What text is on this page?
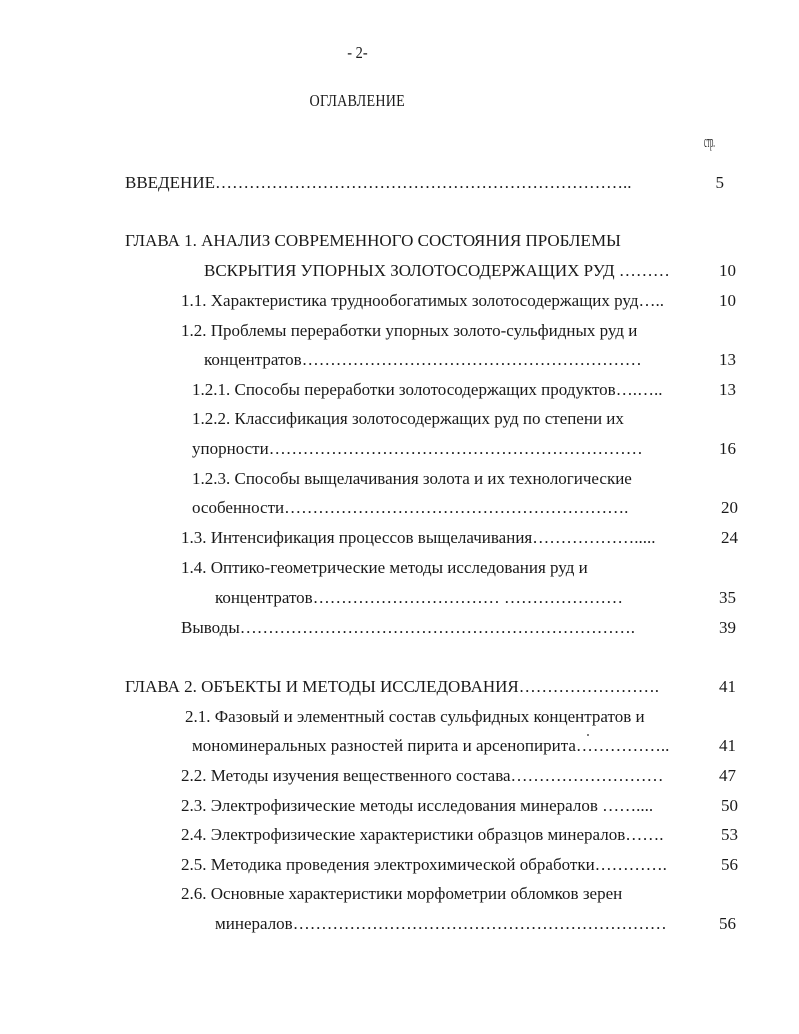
- 2-
ОГЛАВЛЕНИЕ
стр.
ВВЕДЕНИЕ………………………………………………………………..	5
ГЛАВА 1. АНАЛИЗ СОВРЕМЕННОГО СОСТОЯНИЯ ПРОБЛЕМЫ
ВСКРЫТИЯ УПОРНЫХ ЗОЛОТОСОДЕРЖАЩИХ РУД ………	10
1.1. Характеристика труднообогатимых золотосодержащих руд…..	10
1.2. Проблемы переработки упорных золото-сульфидных руд и
концентратов……………………………………………………	13
1.2.1. Способы переработки золотосодержащих продуктов….…..	13
1.2.2. Классификация золотосодержащих руд по степени их
упорности…………………………………………………………	16
1.2.3. Способы выщелачивания золота и их технологические
особенности…………………………………………………….	20
1.3. Интенсификация процессов выщелачивания……………….....	24
1.4. Оптико-геометрические методы исследования руд и
концентратов…………………………… …………………	35
Выводы…………………………………………………………….	39
ГЛАВА 2. ОБЪЕКТЫ И МЕТОДЫ ИССЛЕДОВАНИЯ…………………….	41
2.1. Фазовый и элементный состав сульфидных концентратов и
мономинеральных разностей пирита и арсенопирита……………..	41
2.2. Методы изучения вещественного состава………………………	47
2.3. Электрофизические методы исследования минералов ……....	50
2.4. Электрофизические характеристики образцов минералов…….	53
2.5. Методика проведения электрохимической обработки………….	56
2.6. Основные характеристики морфометрии обломков зерен
минералов…………………………………………………………	56
